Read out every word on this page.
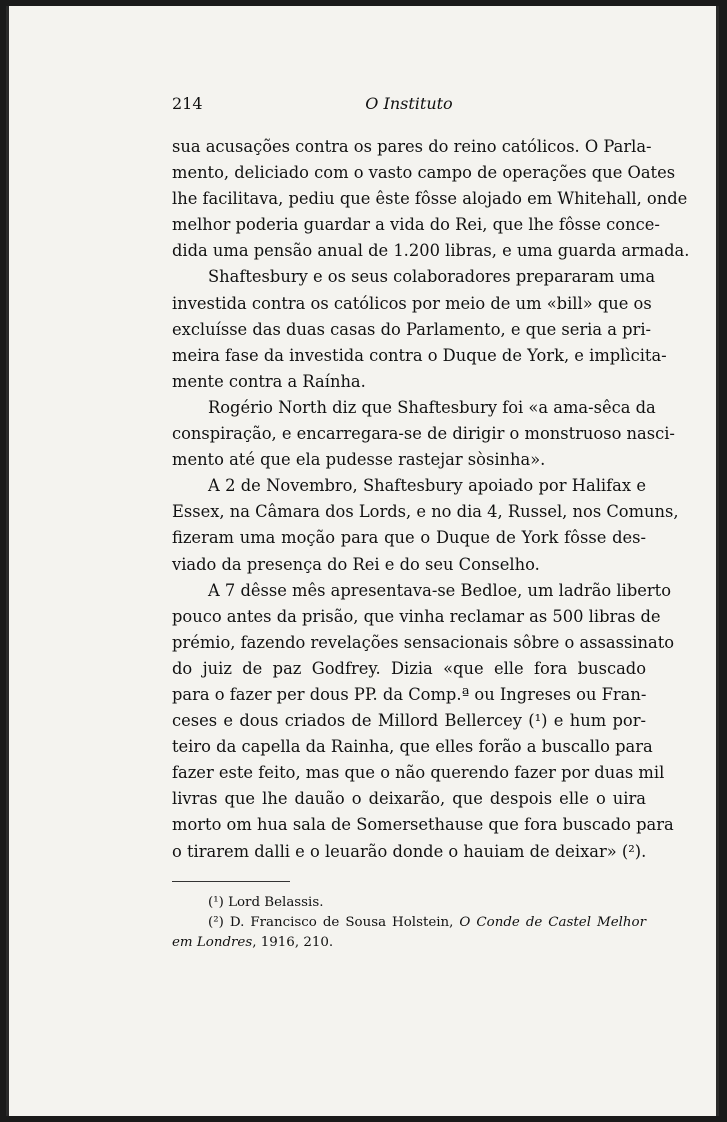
214	O Instituto
sua acusações contra os pares do reino católicos. O Parla-
mento, deliciado com o vasto campo de operações que Oates
lhe facilitava, pediu que êste fôsse alojado em Whitehall, onde
melhor poderia guardar a vida do Rei, que lhe fôsse conce-
dida uma pensão anual de 1.200 libras, e uma guarda armada.
Shaftesbury e os seus colaboradores prepararam uma
investida contra os católicos por meio de um «bill» que os
excluísse das duas casas do Parlamento, e que seria a pri-
meira fase da investida contra o Duque de York, e implìcita-
mente contra a Raínha.
Rogério North diz que Shaftesbury foi «a ama-sêca da
conspiração, e encarregara-se de dirigir o monstruoso nasci-
mento até que ela pudesse rastejar sòsinha».
A 2 de Novembro, Shaftesbury apoiado por Halifax e
Essex, na Câmara dos Lords, e no dia 4, Russel, nos Comuns,
fizeram uma moção para que o Duque de York fôsse des-
viado da presença do Rei e do seu Conselho.
A 7 dêsse mês apresentava-se Bedloe, um ladrão liberto
pouco antes da prisão, que vinha reclamar as 500 libras de
prémio, fazendo revelações sensacionais sôbre o assassinato
do juiz de paz Godfrey. Dizia «que elle fora buscado
para o fazer per dous PP. da Comp.ª ou Ingreses ou Fran-
ceses e dous criados de Millord Bellercey (¹) e hum por-
teiro da capella da Rainha, que elles forão a buscallo para
fazer este feito, mas que o não querendo fazer por duas mil
livras que lhe dauão o deixarão, que despois elle o uira
morto om hua sala de Somersethause que fora buscado para
o tirarem dalli e o leuarão donde o hauiam de deixar» (²).
(¹) Lord Belassis.
(²) D. Francisco de Sousa Holstein, O Conde de Castel Melhor
em Londres, 1916, 210.
